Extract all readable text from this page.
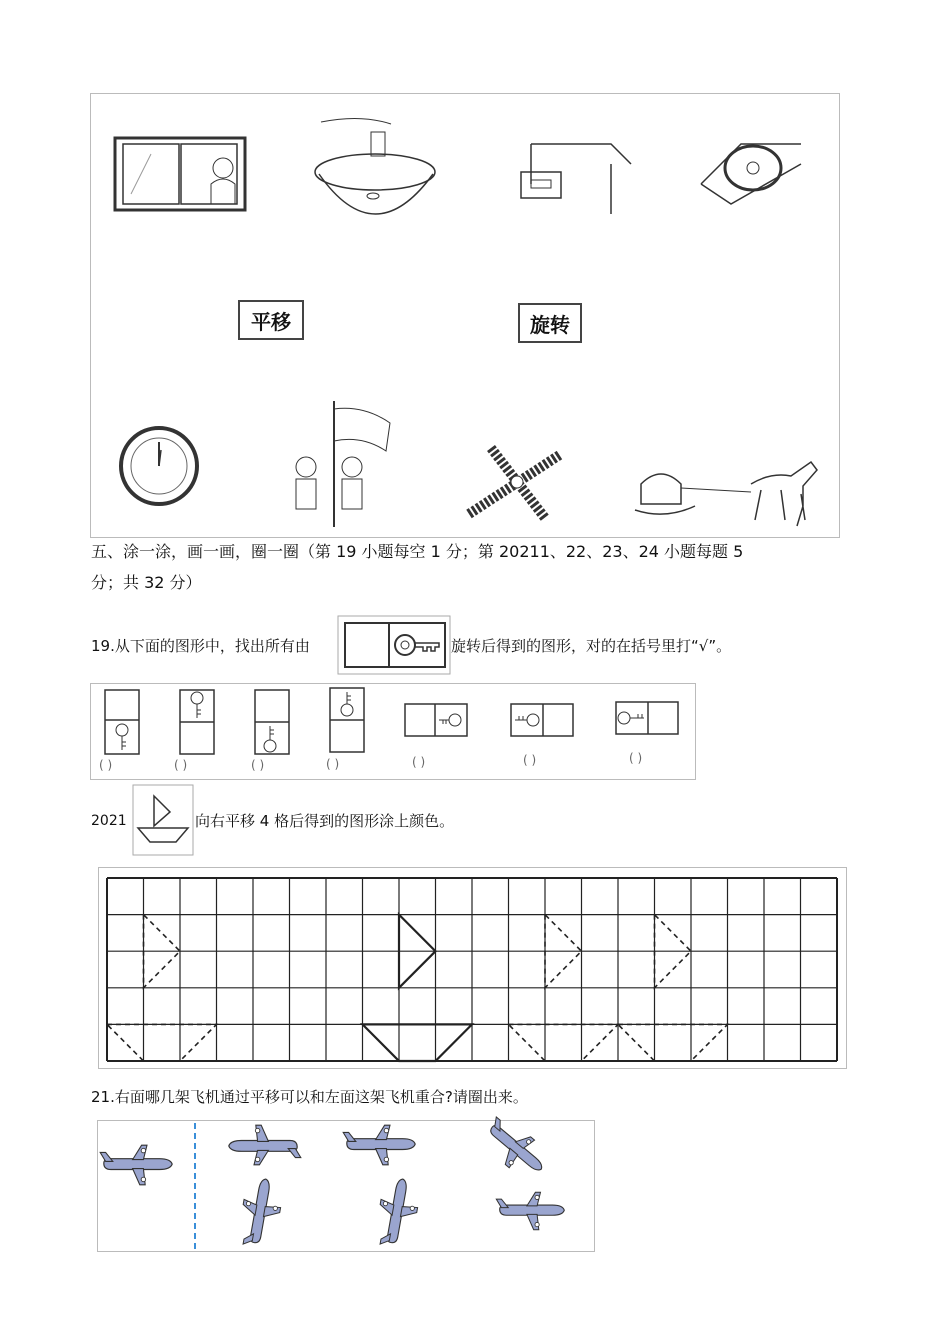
平移	旋转
五、涂一涂，画一画，圈一圈（第 19 小题每空 1 分；第 20211、22、23、24 小题每题 5
分；共 32 分）
19.从下面的图形中，找出所有由	旋转后得到的图形，对的在括号里打“√”。
( )	( )	( )	( )	( )	( )	( )
2021	向右平移 4 格后得到的图形涂上颜色。
21.右面哪几架飞机通过平移可以和左面这架飞机重合?请圈出来。
